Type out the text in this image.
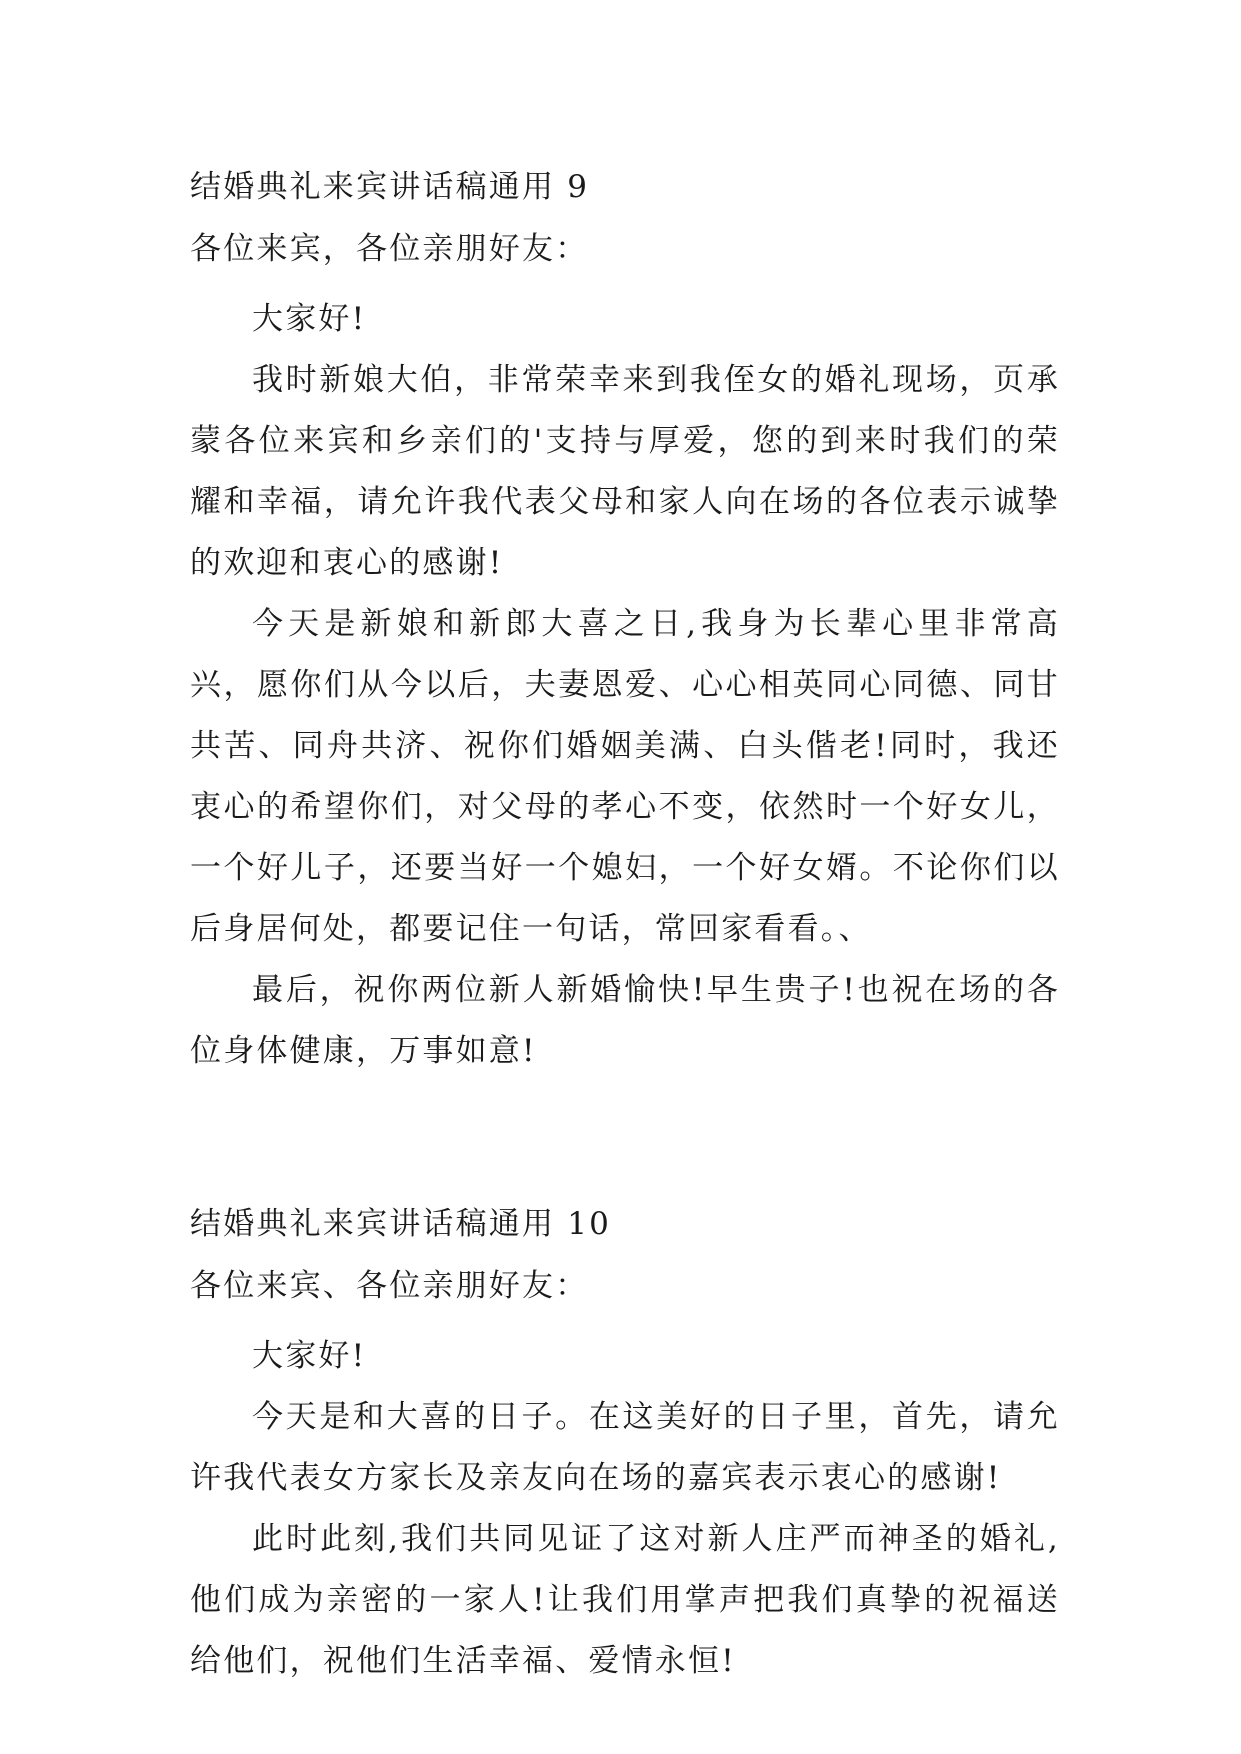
结婚典礼来宾讲话稿通用 9

各位来宾，各位亲朋好友：

大家好!

我时新娘大伯，非常荣幸来到我侄女的婚礼现场，页承蒙各位来宾和乡亲们的'支持与厚爱，您的到来时我们的荣耀和幸福，请允许我代表父母和家人向在场的各位表示诚挚的欢迎和衷心的感谢!

今天是新娘和新郎大喜之日,我身为长辈心里非常高兴，愿你们从今以后，夫妻恩爱、心心相英同心同德、同甘共苦、同舟共济、祝你们婚姻美满、白头偕老!同时，我还衷心的希望你们，对父母的孝心不变，依然时一个好女儿，一个好儿子，还要当好一个媳妇，一个好女婿。不论你们以后身居何处，都要记住一句话，常回家看看。、

最后，祝你两位新人新婚愉快!早生贵子!也祝在场的各位身体健康，万事如意!

结婚典礼来宾讲话稿通用 10

各位来宾、各位亲朋好友：

大家好!

今天是和大喜的日子。在这美好的日子里，首先，请允许我代表女方家长及亲友向在场的嘉宾表示衷心的感谢!

此时此刻,我们共同见证了这对新人庄严而神圣的婚礼,他们成为亲密的一家人!让我们用掌声把我们真挚的祝福送给他们，祝他们生活幸福、爱情永恒!
